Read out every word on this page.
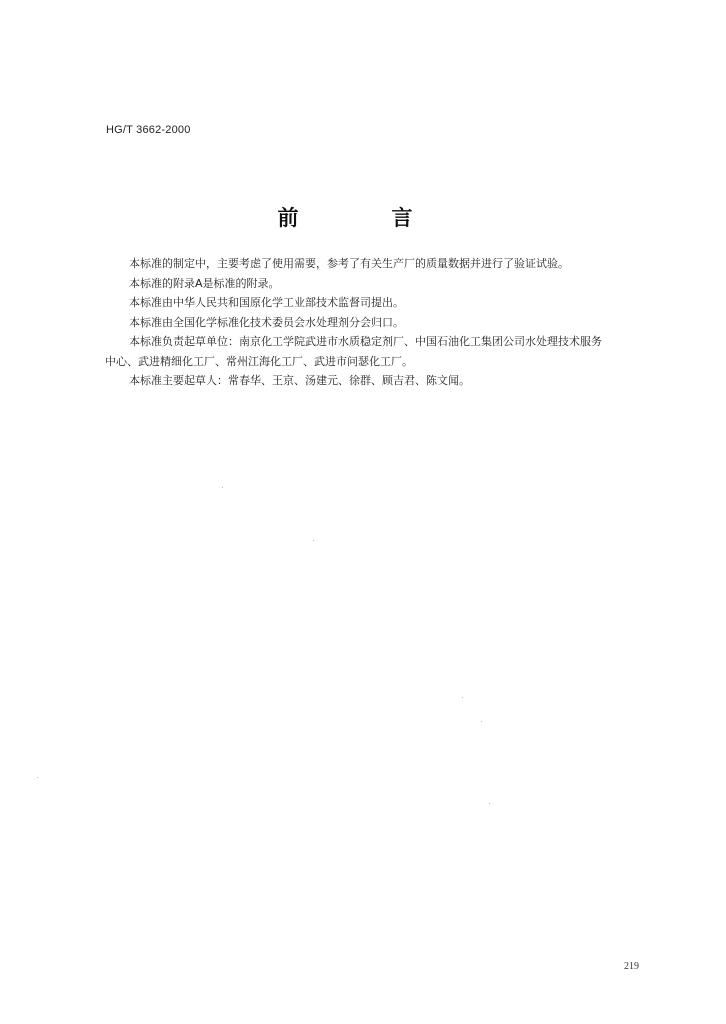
HG/T 3662-2000
前　言

本标准的制定中，主要考虑了使用需要，参考了有关生产厂的质量数据并进行了验证试验。

本标准的附录A是标准的附录。

本标准由中华人民共和国原化学工业部技术监督司提出。

本标准由全国化学标准化技术委员会水处理剂分会归口。

本标准负责起草单位：南京化工学院武进市水质稳定剂厂、中国石油化工集团公司水处理技术服务
中心、武进精细化工厂、常州江海化工厂、武进市问瑟化工厂。

本标准主要起草人：常春华、王京、汤建元、徐群、顾吉君、陈文闻。

219
